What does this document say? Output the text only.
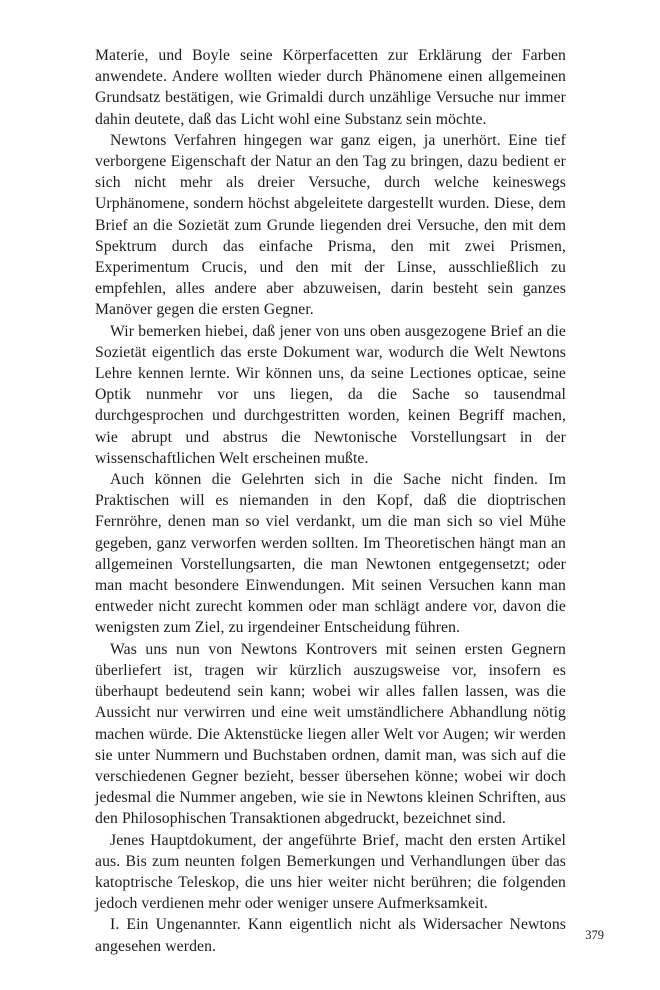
Materie, und Boyle seine Körperfacetten zur Erklärung der Farben anwendete. Andere wollten wieder durch Phänomene einen allgemeinen Grundsatz bestätigen, wie Grimaldi durch unzählige Versuche nur immer dahin deutete, daß das Licht wohl eine Substanz sein möchte.

Newtons Verfahren hingegen war ganz eigen, ja unerhört. Eine tief verborgene Eigenschaft der Natur an den Tag zu bringen, dazu bedient er sich nicht mehr als dreier Versuche, durch welche keineswegs Urphänomene, sondern höchst abgeleitete dargestellt wurden. Diese, dem Brief an die Sozietät zum Grunde liegenden drei Versuche, den mit dem Spektrum durch das einfache Prisma, den mit zwei Prismen, Experimentum Crucis, und den mit der Linse, ausschließlich zu empfehlen, alles andere aber abzuweisen, darin besteht sein ganzes Manöver gegen die ersten Gegner.

Wir bemerken hiebei, daß jener von uns oben ausgezogene Brief an die Sozietät eigentlich das erste Dokument war, wodurch die Welt Newtons Lehre kennen lernte. Wir können uns, da seine Lectiones opticae, seine Optik nunmehr vor uns liegen, da die Sache so tausendmal durchgesprochen und durchgestritten worden, keinen Begriff machen, wie abrupt und abstrus die Newtonische Vorstellungsart in der wissenschaftlichen Welt erscheinen mußte.

Auch können die Gelehrten sich in die Sache nicht finden. Im Praktischen will es niemanden in den Kopf, daß die dioptrischen Fernröhre, denen man so viel verdankt, um die man sich so viel Mühe gegeben, ganz verworfen werden sollten. Im Theoretischen hängt man an allgemeinen Vorstellungsarten, die man Newtonen entgegensetzt; oder man macht besondere Einwendungen. Mit seinen Versuchen kann man entweder nicht zurecht kommen oder man schlägt andere vor, davon die wenigsten zum Ziel, zu irgendeiner Entscheidung führen.

Was uns nun von Newtons Kontrovers mit seinen ersten Gegnern überliefert ist, tragen wir kürzlich auszugsweise vor, insofern es überhaupt bedeutend sein kann; wobei wir alles fallen lassen, was die Aussicht nur verwirren und eine weit umständlichere Abhandlung nötig machen würde. Die Aktenstücke liegen aller Welt vor Augen; wir werden sie unter Nummern und Buchstaben ordnen, damit man, was sich auf die verschiedenen Gegner bezieht, besser übersehen könne; wobei wir doch jedesmal die Nummer angeben, wie sie in Newtons kleinen Schriften, aus den Philosophischen Transaktionen abgedruckt, bezeichnet sind.

Jenes Hauptdokument, der angeführte Brief, macht den ersten Artikel aus. Bis zum neunten folgen Bemerkungen und Verhandlungen über das katoptrische Teleskop, die uns hier weiter nicht berühren; die folgenden jedoch verdienen mehr oder weniger unsere Aufmerksamkeit.

I. Ein Ungenannter. Kann eigentlich nicht als Widersacher Newtons angesehen werden.

379
